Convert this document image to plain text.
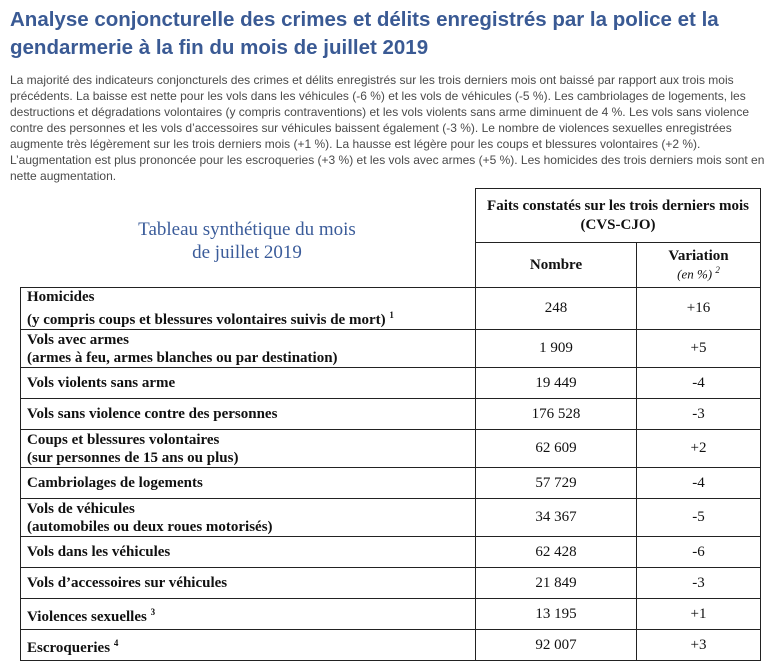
Analyse conjoncturelle des crimes et délits enregistrés par la police et la gendarmerie à la fin du mois de juillet 2019

La majorité des indicateurs conjoncturels des crimes et délits enregistrés sur les trois derniers mois ont baissé par rapport aux trois mois précédents. La baisse est nette pour les vols dans les véhicules (-6 %) et les vols de véhicules (-5 %). Les cambriolages de logements, les destructions et dégradations volontaires (y compris contraventions) et les vols violents sans arme diminuent de 4 %. Les vols sans violence contre des personnes et les vols d’accessoires sur véhicules baissent également (-3 %). Le nombre de violences sexuelles enregistrées augmente très légèrement sur les trois derniers mois (+1 %). La hausse est légère pour les coups et blessures volontaires (+2 %). L’augmentation est plus prononcée pour les escroqueries (+3 %) et les vols avec armes (+5 %). Les homicides des trois derniers mois sont en nette augmentation.

Tableau synthétique du mois
de juillet 2019
	Faits constatés sur les trois derniers mois (CVS-CJO)	
	Nombre	Variation
(en %) $^2$

Homicides
(y compris coups et blessures volontaires suivis de mort) $^1$	248	+16
Vols avec armes
(armes à feu, armes blanches ou par destination)	1 909	+5
Vols violents sans arme	19 449	-4
Vols sans violence contre des personnes	176 528	-3
Coups et blessures volontaires
(sur personnes de 15 ans ou plus)	62 609	+2
Cambriolages de logements	57 729	-4
Vols de véhicules
(automobiles ou deux roues motorisés)	34 367	-5
Vols dans les véhicules	62 428	-6
Vols d’accessoires sur véhicules	21 849	-3
Violences sexuelles $^3$	13 195	+1
Escroqueries $^4$	92 007	+3
